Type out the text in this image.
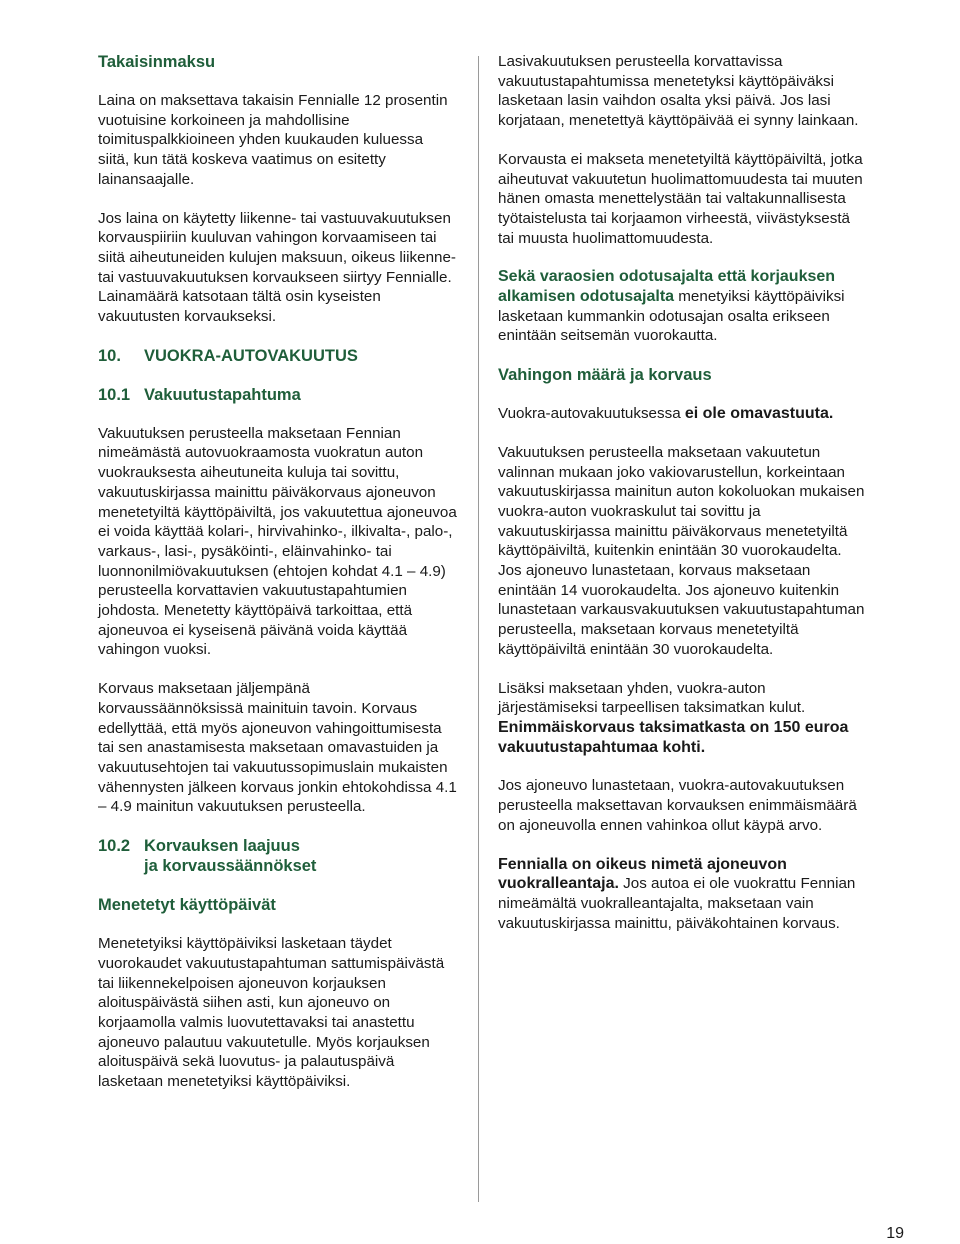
Takaisinmaksu

Laina on maksettava takaisin Fennialle 12 prosentin vuotuisine korkoineen ja mahdollisine toimituspalkkioineen yhden kuukauden kuluessa siitä, kun tätä koskeva vaatimus on esitetty lainansaajalle.

Jos laina on käytetty liikenne- tai vastuuvakuutuksen korvauspiiriin kuuluvan vahingon korvaamiseen tai siitä aiheutuneiden kulujen maksuun, oikeus liikenne- tai vastuuvakuutuksen korvaukseen siirtyy Fennialle. Lainamäärä katsotaan tältä osin kyseisten vakuutusten korvaukseksi.

10. VUOKRA-AUTOVAKUUTUS
10.1 Vakuutustapahtuma

Vakuutuksen perusteella maksetaan Fennian nimeämästä autovuokraamosta vuokratun auton vuokrauksesta aiheutuneita kuluja tai sovittu, vakuutuskirjassa mainittu päiväkorvaus ajoneuvon menetetyiltä käyttöpäiviltä, jos vakuutettua ajoneuvoa ei voida käyttää kolari-, hirvivahinko-, ilkivalta-, palo-, varkaus-, lasi-, pysäköinti-, eläinvahinko- tai luonnonilmiövakuutuksen (ehtojen kohdat 4.1 – 4.9) perusteella korvattavien vakuutustapahtumien johdosta. Menetetty käyttöpäivä tarkoittaa, että ajoneuvoa ei kyseisenä päivänä voida käyttää vahingon vuoksi.

Korvaus maksetaan jäljempänä korvaussäännöksissä mainituin tavoin. Korvaus edellyttää, että myös ajoneuvon vahingoittumisesta tai sen anastamisesta maksetaan omavastuiden ja vakuutusehtojen tai vakuutussopimuslain mukaisten vähennysten jälkeen korvaus jonkin ehtokohdissa 4.1 – 4.9 mainitun vakuutuksen perusteella.

10.2 Korvauksen laajuus
ja korvaussäännökset
Menetetyt käyttöpäivät

Menetetyiksi käyttöpäiviksi lasketaan täydet vuorokaudet vakuutustapahtuman sattumispäivästä tai liikennekelpoisen ajoneuvon korjauksen aloituspäivästä siihen asti, kun ajoneuvo on korjaamolla valmis luovutettavaksi tai anastettu ajoneuvo palautuu vakuutetulle. Myös korjauksen aloituspäivä sekä luovutus- ja palautuspäivä lasketaan menetetyiksi käyttöpäiviksi.

Lasivakuutuksen perusteella korvattavissa vakuutustapahtumissa menetetyksi käyttöpäiväksi lasketaan lasin vaihdon osalta yksi päivä. Jos lasi korjataan, menetettyä käyttöpäivää ei synny lainkaan.

Korvausta ei makseta menetetyiltä käyttöpäiviltä, jotka aiheutuvat vakuutetun huolimattomuudesta tai muuten hänen omasta menettelystään tai valtakunnallisesta työtaistelusta tai korjaamon virheestä, viivästyksestä tai muusta huolimattomuudesta.

Sekä varaosien odotusajalta että korjauksen alkamisen odotusajalta menetyiksi käyttöpäiviksi lasketaan kummankin odotusajan osalta erikseen enintään seitsemän vuorokautta.

Vahingon määrä ja korvaus

Vuokra-autovakuutuksessa ei ole omavastuuta.

Vakuutuksen perusteella maksetaan vakuutetun valinnan mukaan joko vakiovarustellun, korkeintaan vakuutuskirjassa mainitun auton kokoluokan mukaisen vuokra-auton vuokraskulut tai sovittu ja vakuutuskirjassa mainittu päiväkorvaus menetetyiltä käyttöpäiviltä, kuitenkin enintään 30 vuorokaudelta. Jos ajoneuvo lunastetaan, korvaus maksetaan enintään 14 vuorokaudelta. Jos ajoneuvo kuitenkin lunastetaan varkausvakuutuksen vakuutustapahtuman perusteella, maksetaan korvaus menetetyiltä käyttöpäiviltä enintään 30 vuorokaudelta.

Lisäksi maksetaan yhden, vuokra-auton järjestämiseksi tarpeellisen taksimatkan kulut. Enimmäiskorvaus taksimatkasta on 150 euroa vakuutustapahtumaa kohti.

Jos ajoneuvo lunastetaan, vuokra-autovakuutuksen perusteella maksettavan korvauksen enimmäismäärä on ajoneuvolla ennen vahinkoa ollut käypä arvo.

Fennialla on oikeus nimetä ajoneuvon vuokralleantaja. Jos autoa ei ole vuokrattu Fennian nimeämältä vuokralleantajalta, maksetaan vain vakuutuskirjassa mainittu, päiväkohtainen korvaus.

19
